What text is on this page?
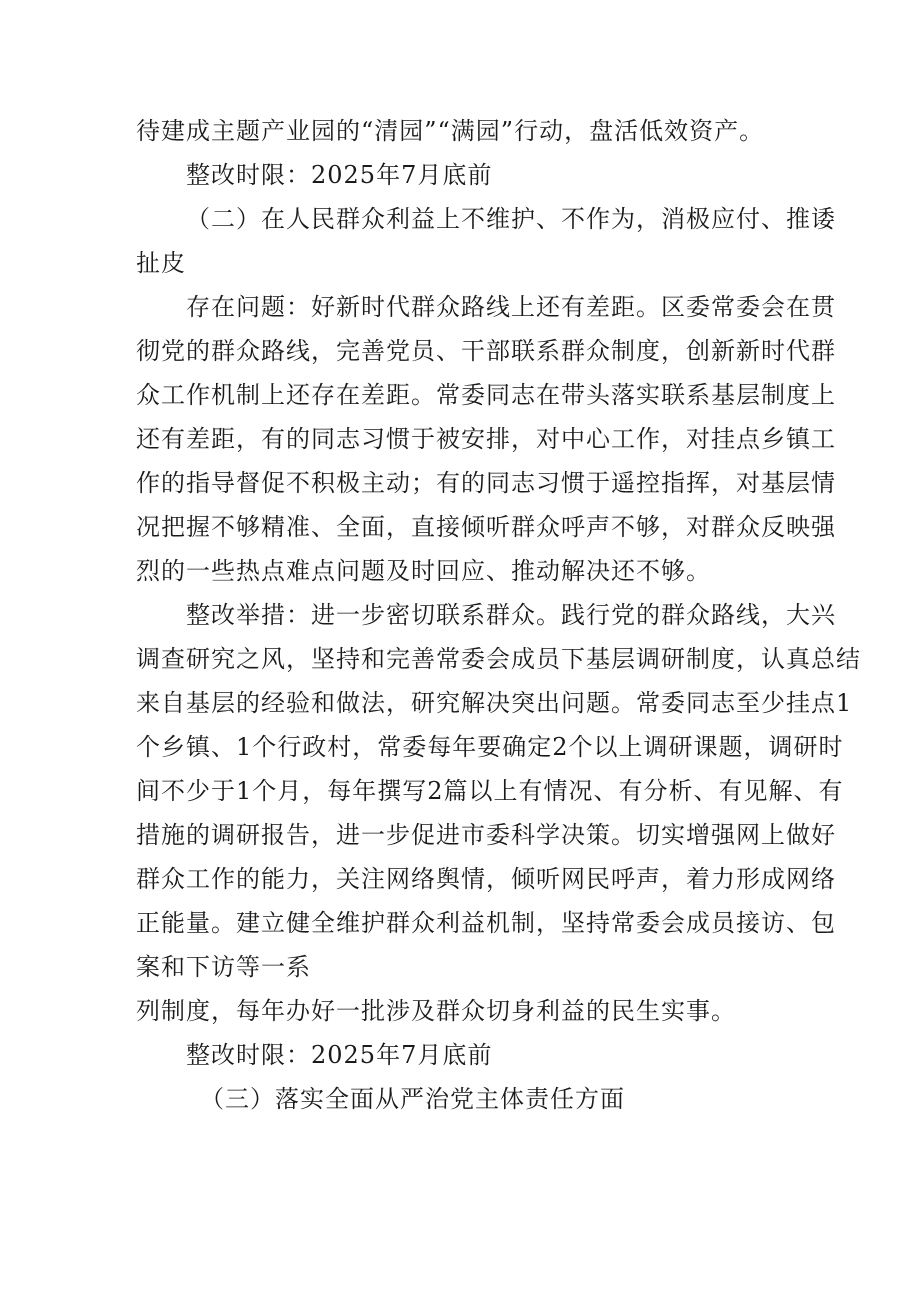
待建成主题产业园的“清园”“满园”行动，盘活低效资产。
整改时限：2025年7月底前
（二）在人民群众利益上不维护、不作为，消极应付、推诿
扯皮
存在问题：好新时代群众路线上还有差距。区委常委会在贯
彻党的群众路线，完善党员、干部联系群众制度，创新新时代群
众工作机制上还存在差距。常委同志在带头落实联系基层制度上
还有差距，有的同志习惯于被安排，对中心工作，对挂点乡镇工
作的指导督促不积极主动；有的同志习惯于遥控指挥，对基层情
况把握不够精准、全面，直接倾听群众呼声不够，对群众反映强
烈的一些热点难点问题及时回应、推动解决还不够。
整改举措：进一步密切联系群众。践行党的群众路线，大兴
调查研究之风，坚持和完善常委会成员下基层调研制度，认真总结
来自基层的经验和做法，研究解决突出问题。常委同志至少挂点1
个乡镇、1个行政村，常委每年要确定2个以上调研课题，调研时
间不少于1个月，每年撰写2篇以上有情况、有分析、有见解、有
措施的调研报告，进一步促进市委科学决策。切实增强网上做好
群众工作的能力，关注网络舆情，倾听网民呼声，着力形成网络
正能量。建立健全维护群众利益机制，坚持常委会成员接访、包
案和下访等一系
列制度，每年办好一批涉及群众切身利益的民生实事。
整改时限：2025年7月底前
（三）落实全面从严治党主体责任方面
